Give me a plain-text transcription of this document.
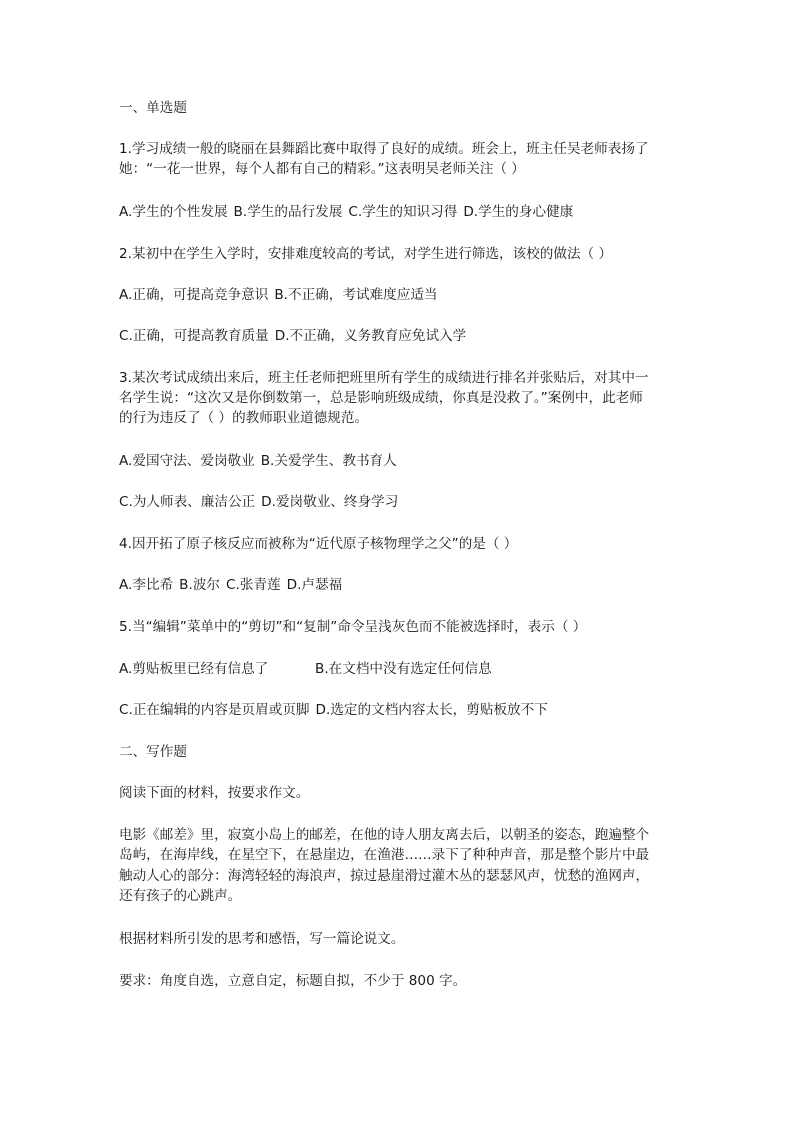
一、单选题

1.学习成绩一般的晓丽在县舞蹈比赛中取得了良好的成绩。班会上，班主任吴老师表扬了

她：“一花一世界，每个人都有自己的精彩。”这表明吴老师关注（ ）

A.学生的个性发展 B.学生的品行发展 C.学生的知识习得 D.学生的身心健康

2.某初中在学生入学时，安排难度较高的考试，对学生进行筛选，该校的做法（ ）

A.正确，可提高竞争意识 B.不正确，考试难度应适当

C.正确，可提高教育质量 D.不正确，义务教育应免试入学

3.某次考试成绩出来后，班主任老师把班里所有学生的成绩进行排名并张贴后，对其中一

名学生说：“这次又是你倒数第一，总是影响班级成绩，你真是没救了。”案例中，此老师

的行为违反了（ ）的教师职业道德规范。

A.爱国守法、爱岗敬业 B.关爱学生、教书育人

C.为人师表、廉洁公正 D.爱岗敬业、终身学习

4.因开拓了原子核反应而被称为“近代原子核物理学之父”的是（ ）

A.李比希 B.波尔 C.张青莲 D.卢瑟福

5.当“编辑”菜单中的“剪切”和“复制”命令呈浅灰色而不能被选择时，表示（ ）

A.剪贴板里已经有信息了	B.在文档中没有选定任何信息

C.正在编辑的内容是页眉或页脚 D.选定的文档内容太长，剪贴板放不下

二、写作题

阅读下面的材料，按要求作文。

电影《邮差》里，寂寞小岛上的邮差，在他的诗人朋友离去后，以朝圣的姿态，跑遍整个

岛屿，在海岸线，在星空下，在悬崖边，在渔港……录下了种种声音，那是整个影片中最

触动人心的部分：海湾轻轻的海浪声，掠过悬崖滑过灌木丛的瑟瑟风声，忧愁的渔网声，

还有孩子的心跳声。

根据材料所引发的思考和感悟，写一篇论说文。

要求：角度自选，立意自定，标题自拟，不少于 800 字。
